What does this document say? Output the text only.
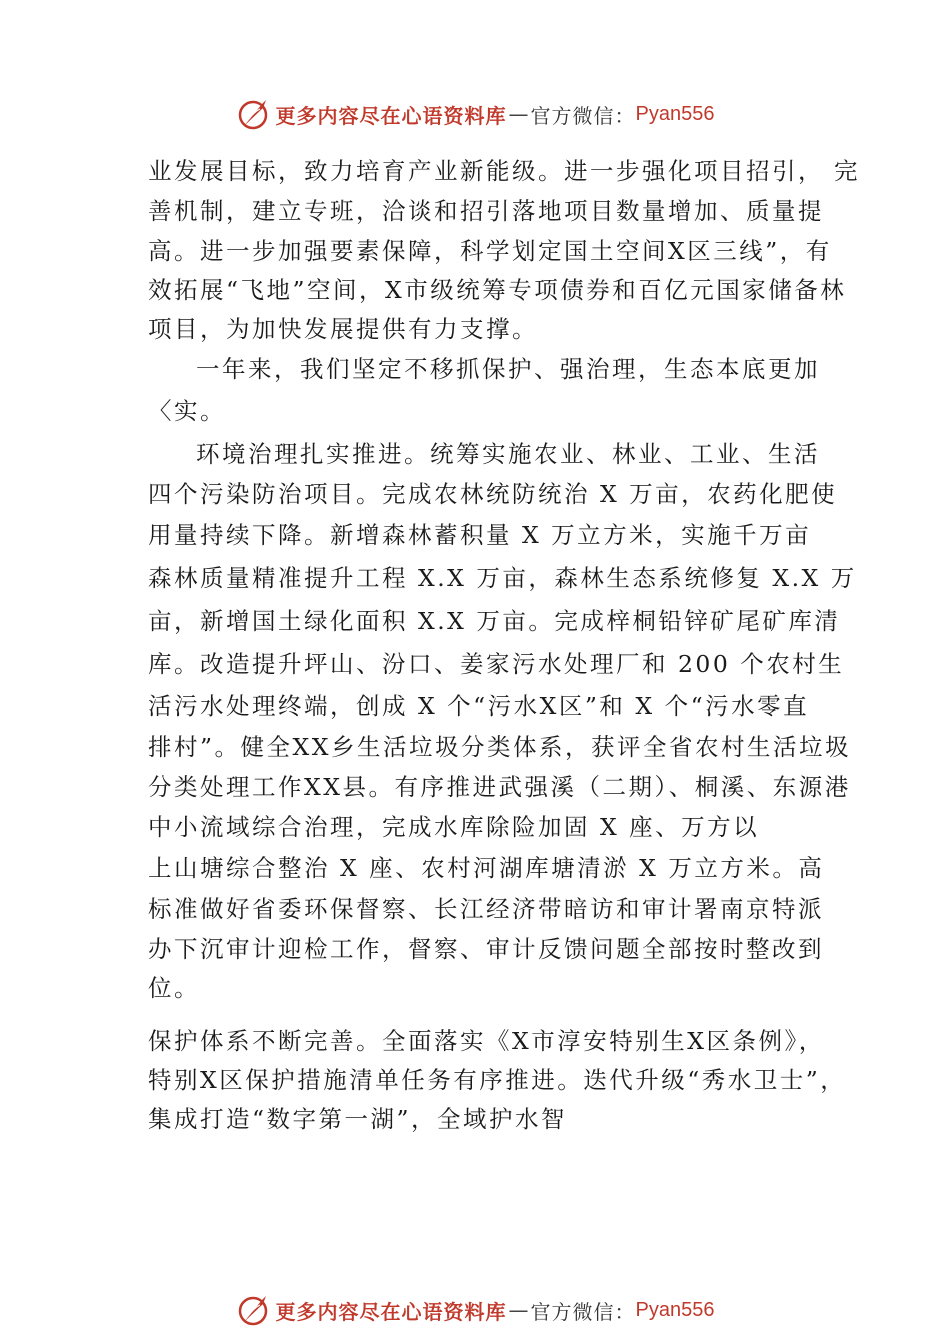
更多内容尽在心语资料库 — 官方微信： Pyan556
业发展目标，致力培育产业新能级。进一步强化项目招引， 完
善机制，建立专班，洽谈和招引落地项目数量增加、质量提
高。进一步加强要素保障，科学划定国土空间X区三线”，有
效拓展“飞地”空间，X市级统筹专项债券和百亿元国家储备林
项目，为加快发展提供有力支撑。
一年来，我们坚定不移抓保护、强治理，生态本底更加
〈实。
环境治理扎实推进。统筹实施农业、林业、工业、生活
四个污染防治项目。完成农林统防统治 X 万亩，农药化肥使
用量持续下降。新增森林蓄积量 X 万立方米，实施千万亩
森林质量精准提升工程 X.X 万亩，森林生态系统修复 X.X 万
亩，新增国土绿化面积 X.X 万亩。完成梓桐铅锌矿尾矿库清
库。改造提升坪山、汾口、姜家污水处理厂和 200 个农村生
活污水处理终端，创成 X 个“污水X区”和 X 个“污水零直
排村”。健全XX乡生活垃圾分类体系，获评全省农村生活垃圾
分类处理工作XX县。有序推进武强溪（二期）、桐溪、东源港
中小流域综合治理，完成水库除险加固 X 座、万方以
上山塘综合整治 X 座、农村河湖库塘清淤 X 万立方米。高
标准做好省委环保督察、长江经济带暗访和审计署南京特派
办下沉审计迎检工作，督察、审计反馈问题全部按时整改到
位。
保护体系不断完善。全面落实《X市淳安特别生X区条例》，
特别X区保护措施清单任务有序推进。迭代升级“秀水卫士”，
集成打造“数字第一湖”，全域护水智
更多内容尽在心语资料库 — 官方微信： Pyan556
